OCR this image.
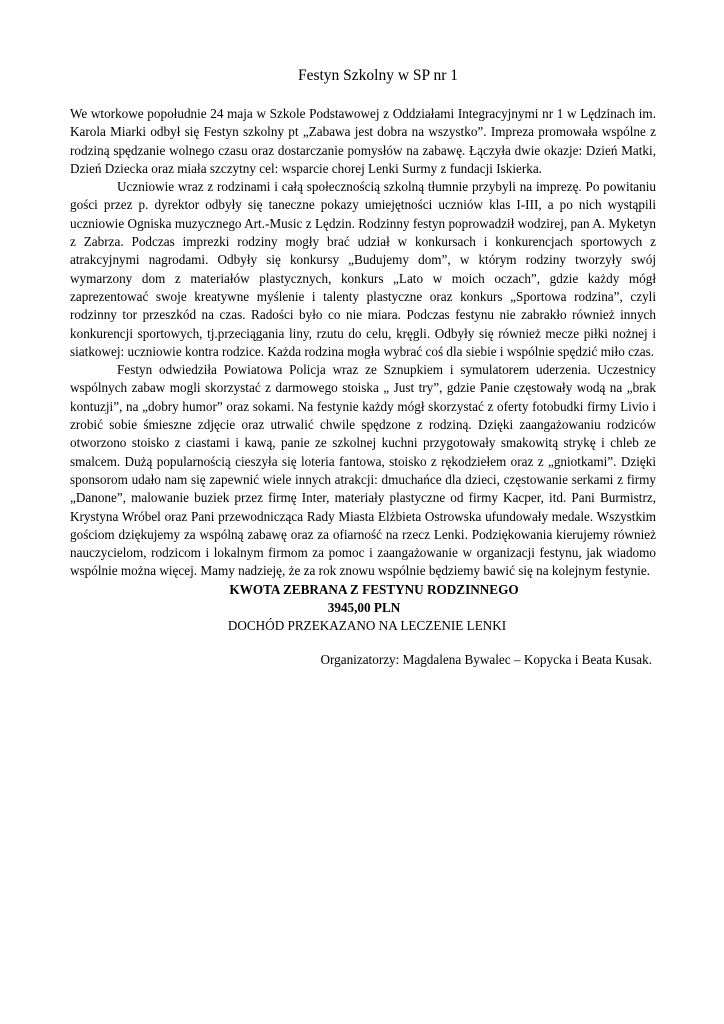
Festyn Szkolny w SP nr 1

We wtorkowe popołudnie 24 maja w Szkole Podstawowej z Oddziałami Integracyjnymi nr 1 w Lędzinach im. Karola Miarki odbył się Festyn szkolny pt „Zabawa jest dobra na wszystko”. Impreza promowała wspólne z rodziną spędzanie wolnego czasu oraz dostarczanie pomysłów na zabawę. Łączyła dwie okazje: Dzień Matki, Dzień Dziecka oraz miała szczytny cel: wsparcie chorej Lenki Surmy z fundacji Iskierka.

Uczniowie wraz z rodzinami i całą społecznością szkolną tłumnie przybyli na imprezę. Po powitaniu gości przez p. dyrektor odbyły się taneczne pokazy umiejętności uczniów klas I-III, a po nich wystąpili uczniowie Ogniska muzycznego Art.-Music z Lędzin. Rodzinny festyn poprowadził wodzirej, pan A. Myketyn z Zabrza. Podczas imprezki rodziny mogły brać udział w konkursach i konkurencjach sportowych z atrakcyjnymi nagrodami. Odbyły się konkursy „Budujemy dom”, w którym rodziny tworzyły swój wymarzony dom z materiałów plastycznych, konkurs „Lato w moich oczach”, gdzie każdy mógł zaprezentować swoje kreatywne myślenie i talenty plastyczne oraz konkurs „Sportowa rodzina”, czyli rodzinny tor przeszkód na czas. Radości było co nie miara. Podczas festynu nie zabrakło również innych konkurencji sportowych, tj.przeciągania liny, rzutu do celu, kręgli. Odbyły się również mecze piłki nożnej i siatkowej: uczniowie kontra rodzice. Każda rodzina mogła wybrać coś dla siebie i wspólnie spędzić miło czas.

Festyn odwiedziła Powiatowa Policja wraz ze Sznupkiem i symulatorem uderzenia. Uczestnicy wspólnych zabaw mogli skorzystać z darmowego stoiska „ Just try”, gdzie Panie częstowały wodą na „brak kontuzji”, na „dobry humor” oraz sokami. Na festynie każdy mógł skorzystać z oferty fotobudki firmy Livio i zrobić sobie śmieszne zdjęcie oraz utrwalić chwile spędzone z rodziną. Dzięki zaangażowaniu rodziców otworzono stoisko z ciastami i kawą, panie ze szkolnej kuchni przygotowały smakowitą strykę i chleb ze smalcem. Dużą popularnością cieszyła się loteria fantowa, stoisko z rękodziełem oraz z „gniotkami”. Dzięki sponsorom udało nam się zapewnić wiele innych atrakcji: dmuchańce dla dzieci, częstowanie serkami z firmy „Danone”, malowanie buziek przez firmę Inter, materiały plastyczne od firmy Kacper, itd. Pani Burmistrz, Krystyna Wróbel oraz Pani przewodnicząca Rady Miasta Elżbieta Ostrowska ufundowały medale. Wszystkim gościom dziękujemy za wspólną zabawę oraz za ofiarność na rzecz Lenki. Podziękowania kierujemy również nauczycielom, rodzicom i lokalnym firmom za pomoc i zaangażowanie w organizacji festynu, jak wiadomo wspólnie można więcej. Mamy nadzieję, że za rok znowu wspólnie będziemy bawić się na kolejnym festynie.

KWOTA ZEBRANA Z FESTYNU RODZINNEGO

3945,00 PLN

DOCHÓD PRZEKAZANO NA LECZENIE LENKI

Organizatorzy: Magdalena Bywalec – Kopycka i Beata Kusak.
